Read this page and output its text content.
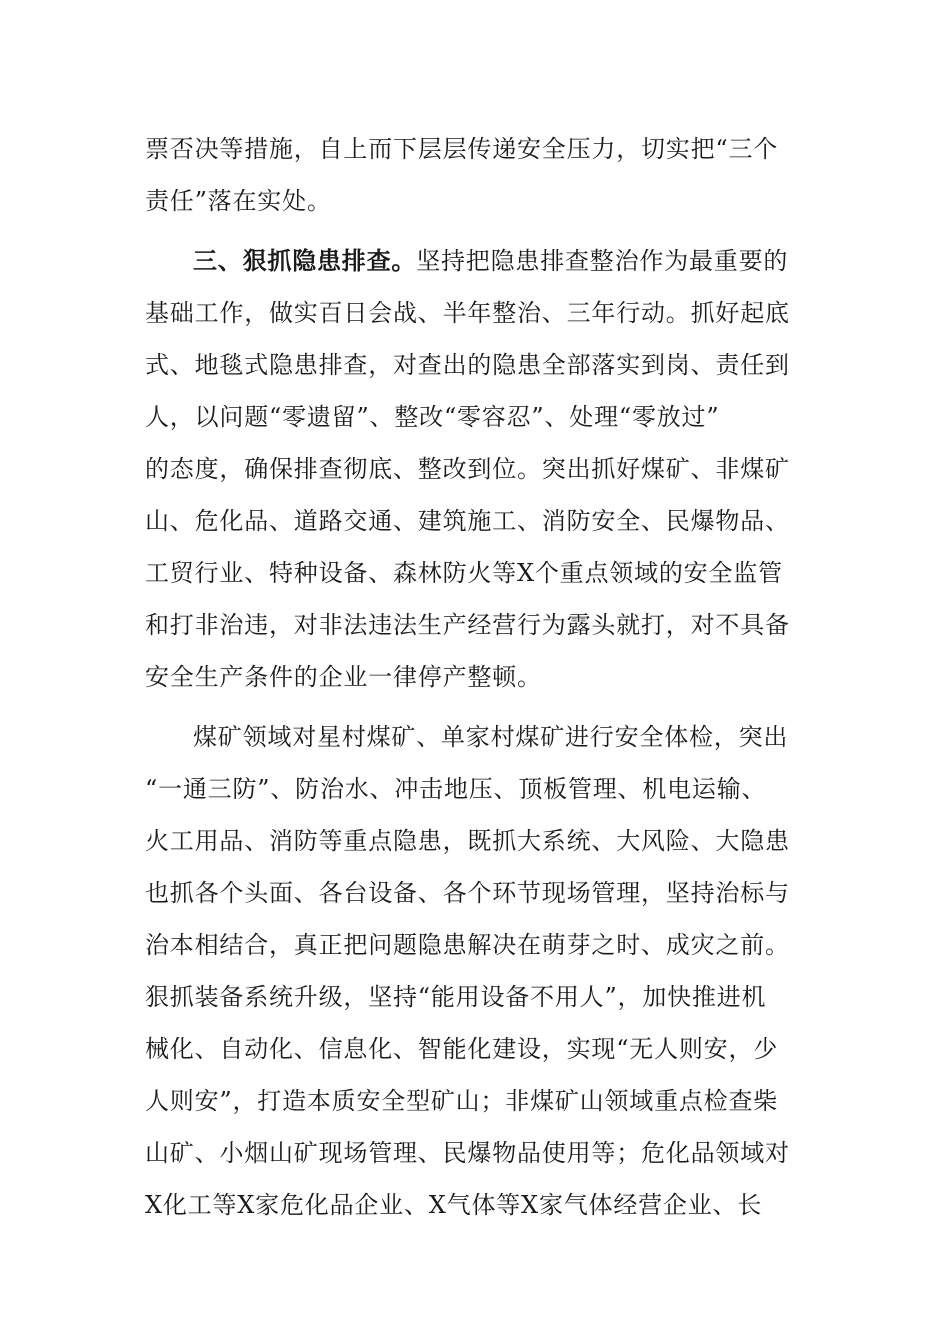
票否决等措施，自上而下层层传递安全压力，切实把“三个
责任”落在实处。

三、狠抓隐患排查。坚持把隐患排查整治作为最重要的
基础工作，做实百日会战、半年整治、三年行动。抓好起底
式、地毯式隐患排查，对查出的隐患全部落实到岗、责任到
人，以问题“零遗留”、整改“零容忍”、处理“零放过”
的态度，确保排查彻底、整改到位。突出抓好煤矿、非煤矿
山、危化品、道路交通、建筑施工、消防安全、民爆物品、
工贸行业、特种设备、森林防火等X个重点领域的安全监管
和打非治违，对非法违法生产经营行为露头就打，对不具备
安全生产条件的企业一律停产整顿。

煤矿领域对星村煤矿、单家村煤矿进行安全体检，突出
“一通三防”、防治水、冲击地压、顶板管理、机电运输、
火工用品、消防等重点隐患，既抓大系统、大风险、大隐患
也抓各个头面、各台设备、各个环节现场管理，坚持治标与
治本相结合，真正把问题隐患解决在萌芽之时、成灾之前。
狠抓装备系统升级，坚持“能用设备不用人”，加快推进机
械化、自动化、信息化、智能化建设，实现“无人则安，少
人则安”，打造本质安全型矿山；非煤矿山领域重点检查柴
山矿、小烟山矿现场管理、民爆物品使用等；危化品领域对
X化工等X家危化品企业、X气体等X家气体经营企业、长
